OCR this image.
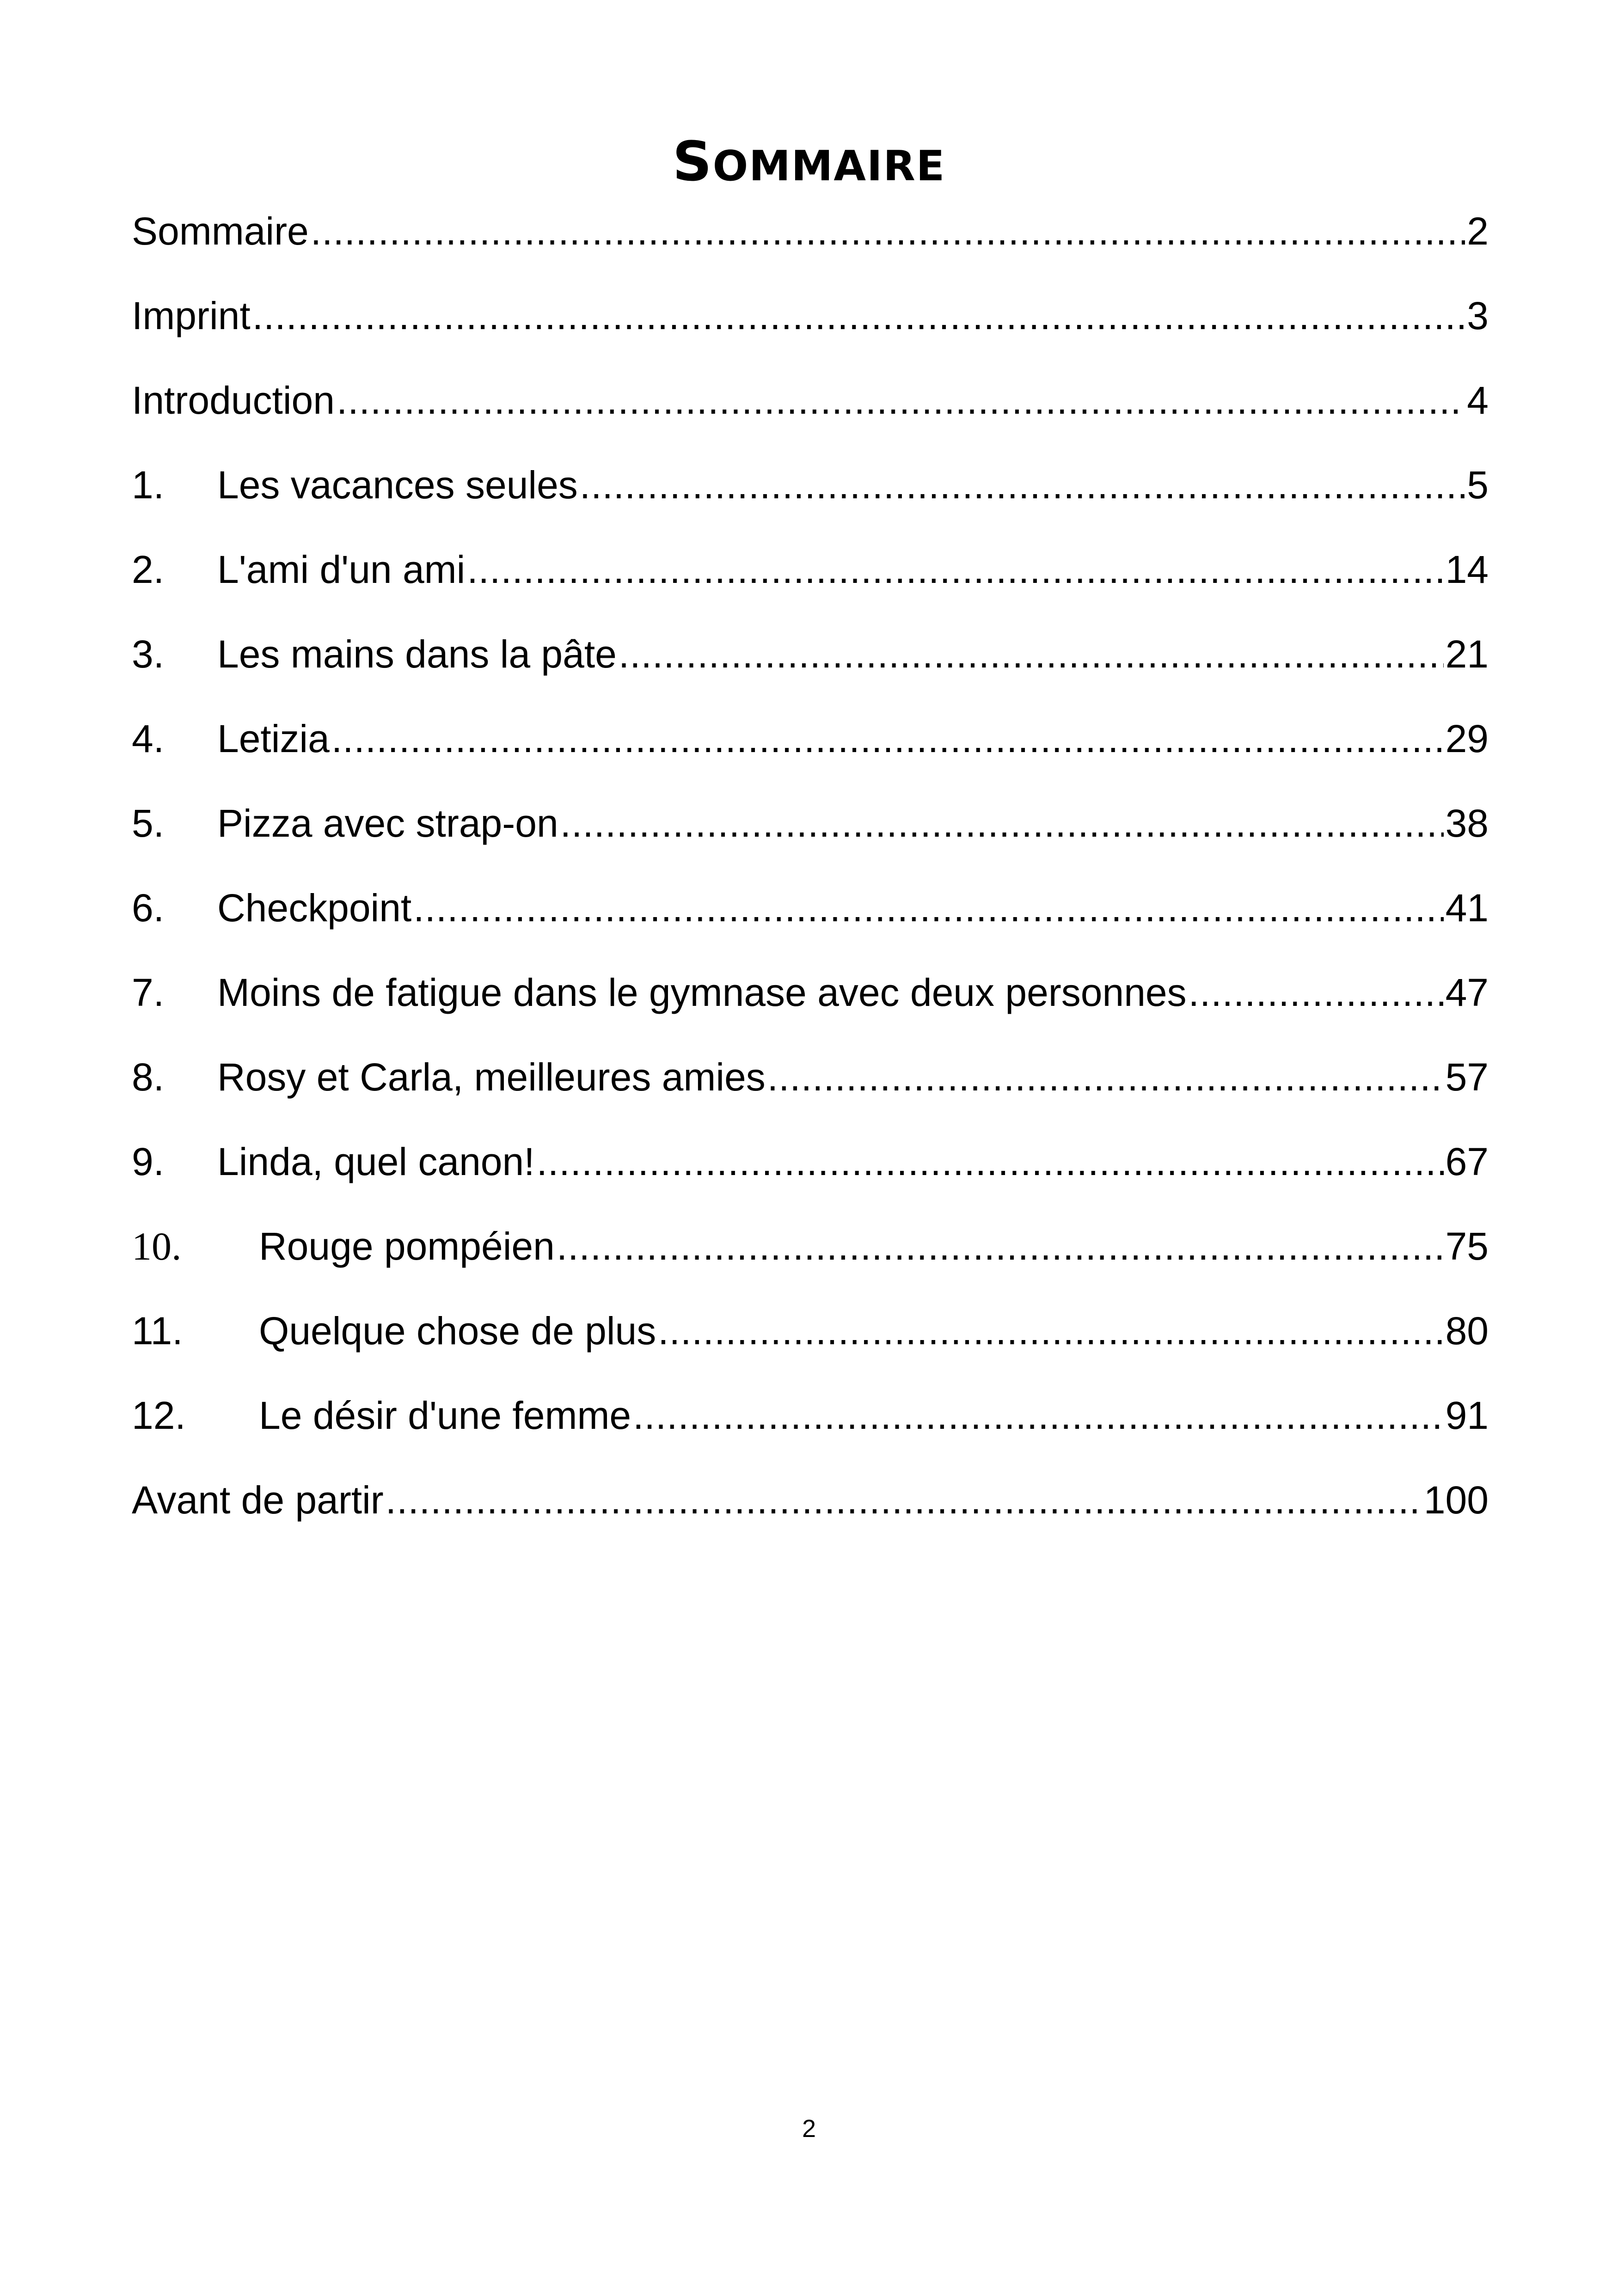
SOMMAIRE
Sommaire .....	2
Imprint .....	3
Introduction .....	4
1.	Les vacances seules .....	5
2.	L'ami d'un ami .....	14
3.	Les mains dans la pâte .....	21
4.	Letizia .....	29
5.	Pizza avec strap-on .....	38
6.	Checkpoint .....	41
7.	Moins de fatigue dans le gymnase avec deux personnes .....	47
8.	Rosy et Carla, meilleures amies .....	57
9.	Linda, quel canon! .....	67
10.	Rouge pompéien .....	75
11.	Quelque chose de plus .....	80
12.	Le désir d'une femme .....	91
Avant de partir .....	100
2
